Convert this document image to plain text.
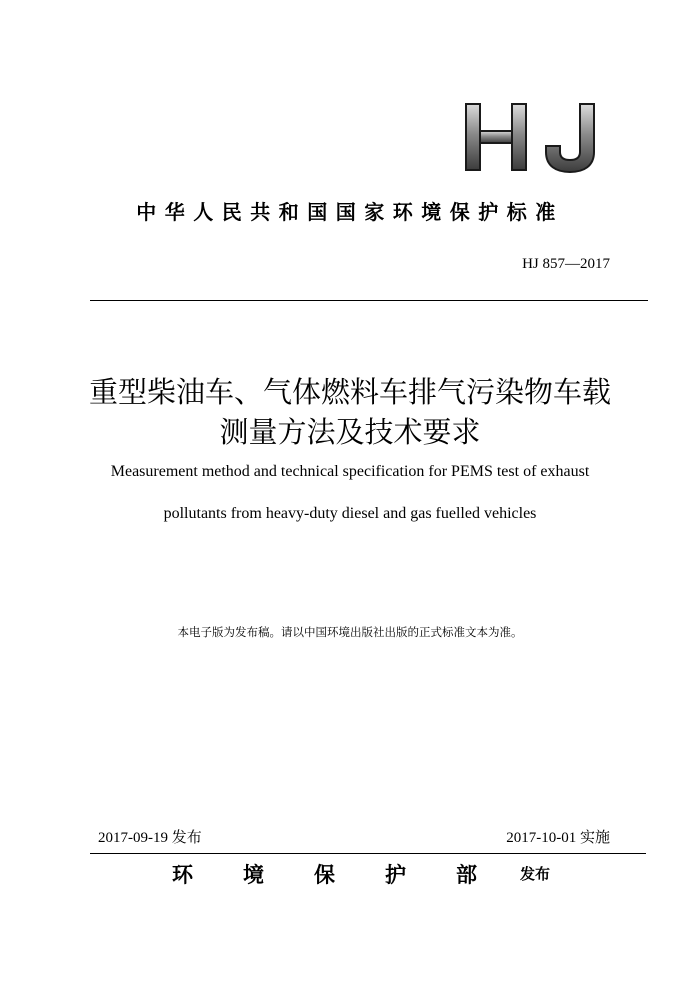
中华人民共和国国家环境保护标准
HJ 857—2017
重型柴油车、气体燃料车排气污染物车载
测量方法及技术要求
Measurement method and technical specification for PEMS test of exhaust
pollutants from heavy-duty diesel and gas fuelled vehicles
本电子版为发布稿。请以中国环境出版社出版的正式标准文本为准。
2017-09-19 发布	2017-10-01 实施
环境保护部
发布
